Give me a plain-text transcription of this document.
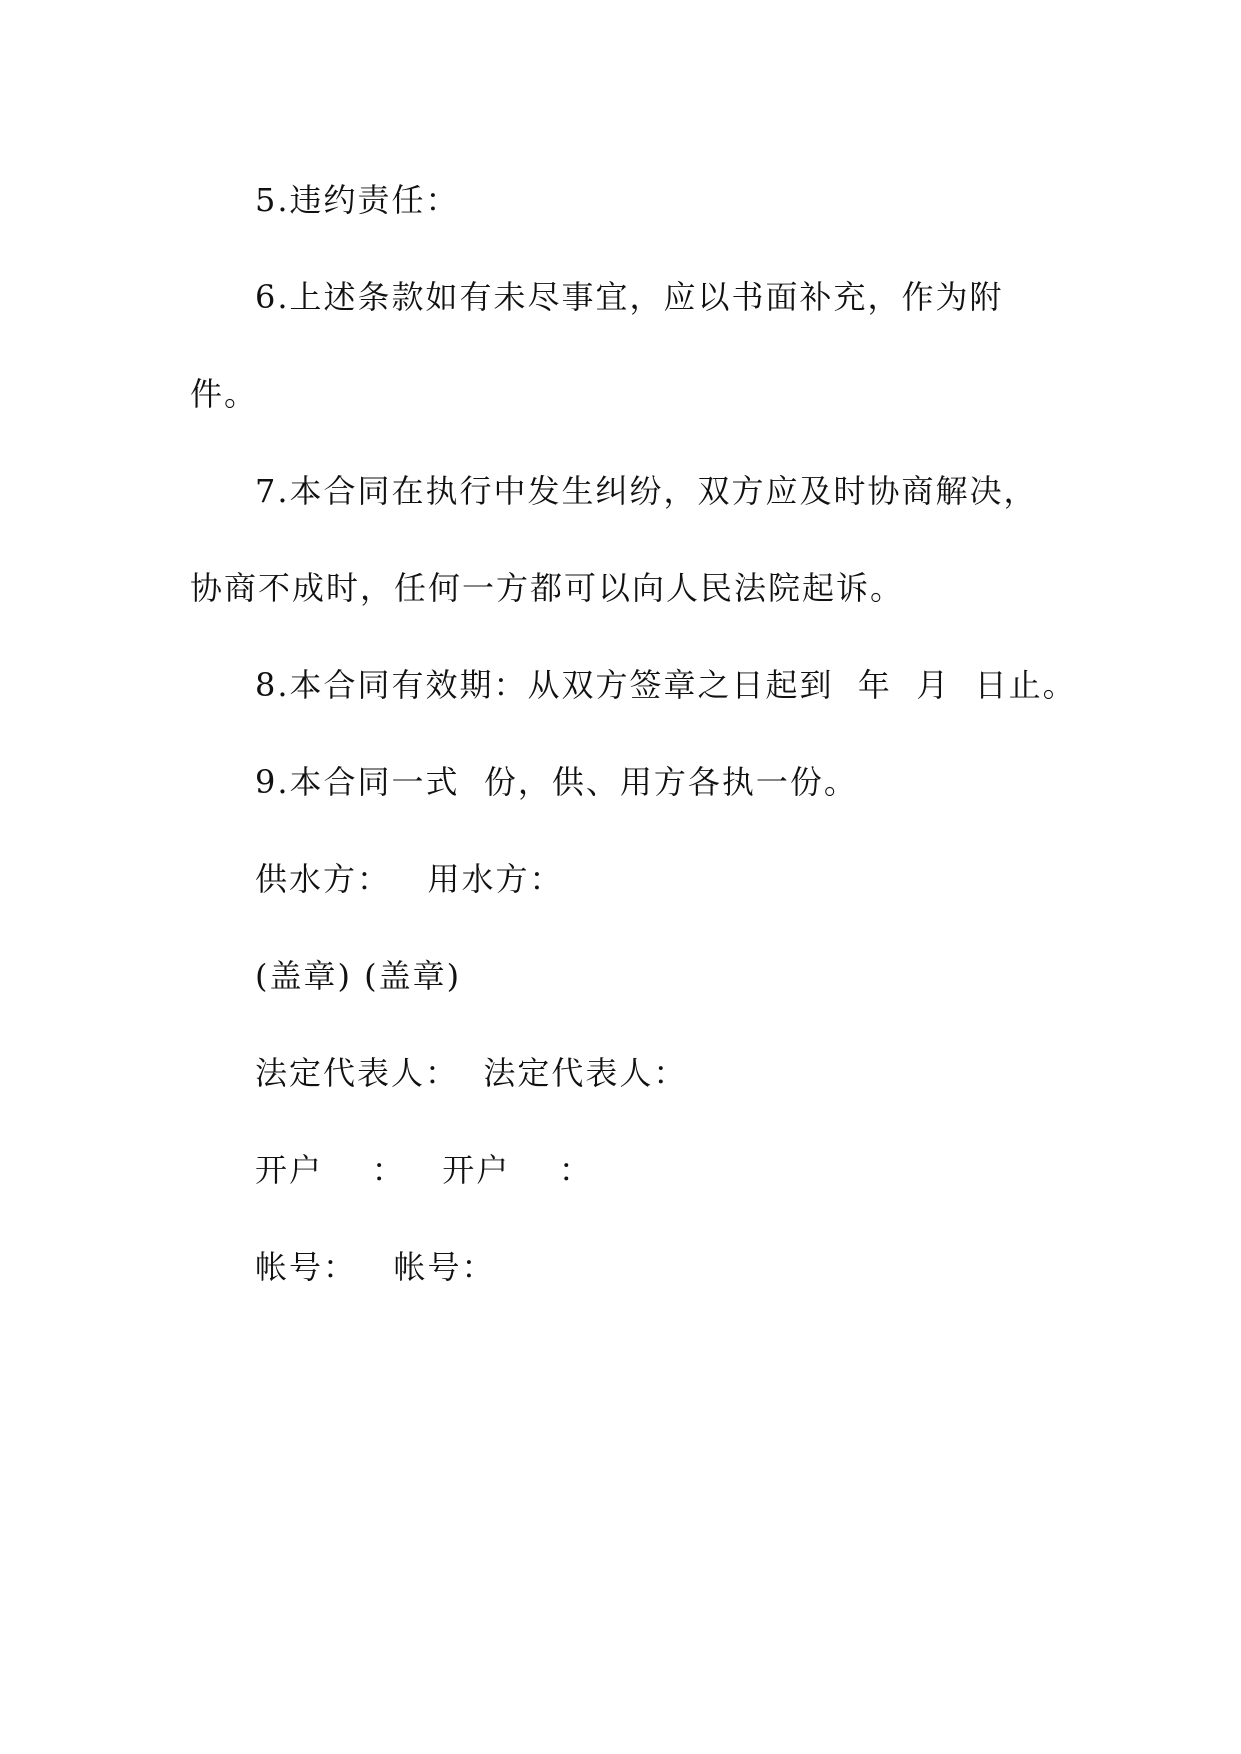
5.违约责任：
6.上述条款如有未尽事宜，应以书面补充，作为附
件。
7.本合同在执行中发生纠纷，双方应及时协商解决，
协商不成时，任何一方都可以向人民法院起诉。
8.本合同有效期：从双方签章之日起到  年  月  日止。
9.本合同一式  份，供、用方各执一份。
供水方：   用水方：
(盖章) (盖章)
法定代表人：  法定代表人：
开户    ：   开户    ：
帐号：   帐号：
